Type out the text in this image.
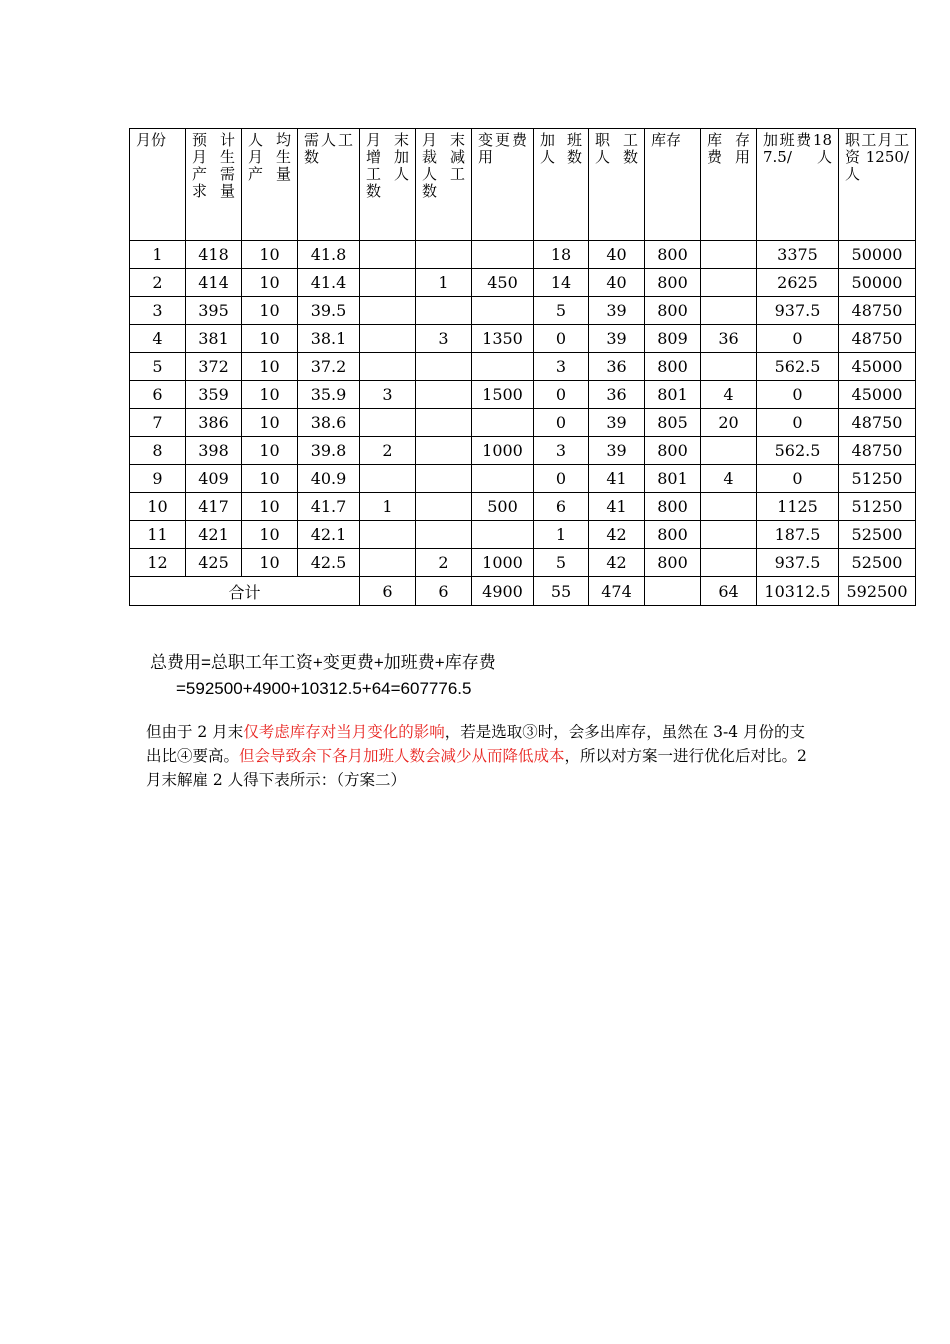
月份	预计月生产需求量	人均月生产量	需人工数	月末增加工人数	月末裁减人工数	变更费用	加班人数	职工人数	库存	库存费用	加班费187.5/人	职工月工资1250/人
1	418	10	41.8				18	40	800		3375	50000
2	414	10	41.4		1	450	14	40	800		2625	50000
3	395	10	39.5				5	39	800		937.5	48750
4	381	10	38.1		3	1350	0	39	809	36	0	48750
5	372	10	37.2				3	36	800		562.5	45000
6	359	10	35.9	3		1500	0	36	801	4	0	45000
7	386	10	38.6				0	39	805	20	0	48750
8	398	10	39.8	2		1000	3	39	800		562.5	48750
9	409	10	40.9				0	41	801	4	0	51250
10	417	10	41.7	1		500	6	41	800		1125	51250
11	421	10	42.1				1	42	800		187.5	52500
12	425	10	42.5		2	1000	5	42	800		937.5	52500
合计				6	6	4900	55	474		64	10312.5	592500
总费用=总职工年工资+变更费+加班费+库存费
=592500+4900+10312.5+64=607776.5

但由于 2 月末仅考虑库存对当月变化的影响，若是选取③时，会多出库存，虽然在 3-4 月份的支出比④要高。但会导致余下各月加班人数会减少从而降低成本，所以对方案一进行优化后对比。2 月末解雇 2 人得下表所示：（方案二）
